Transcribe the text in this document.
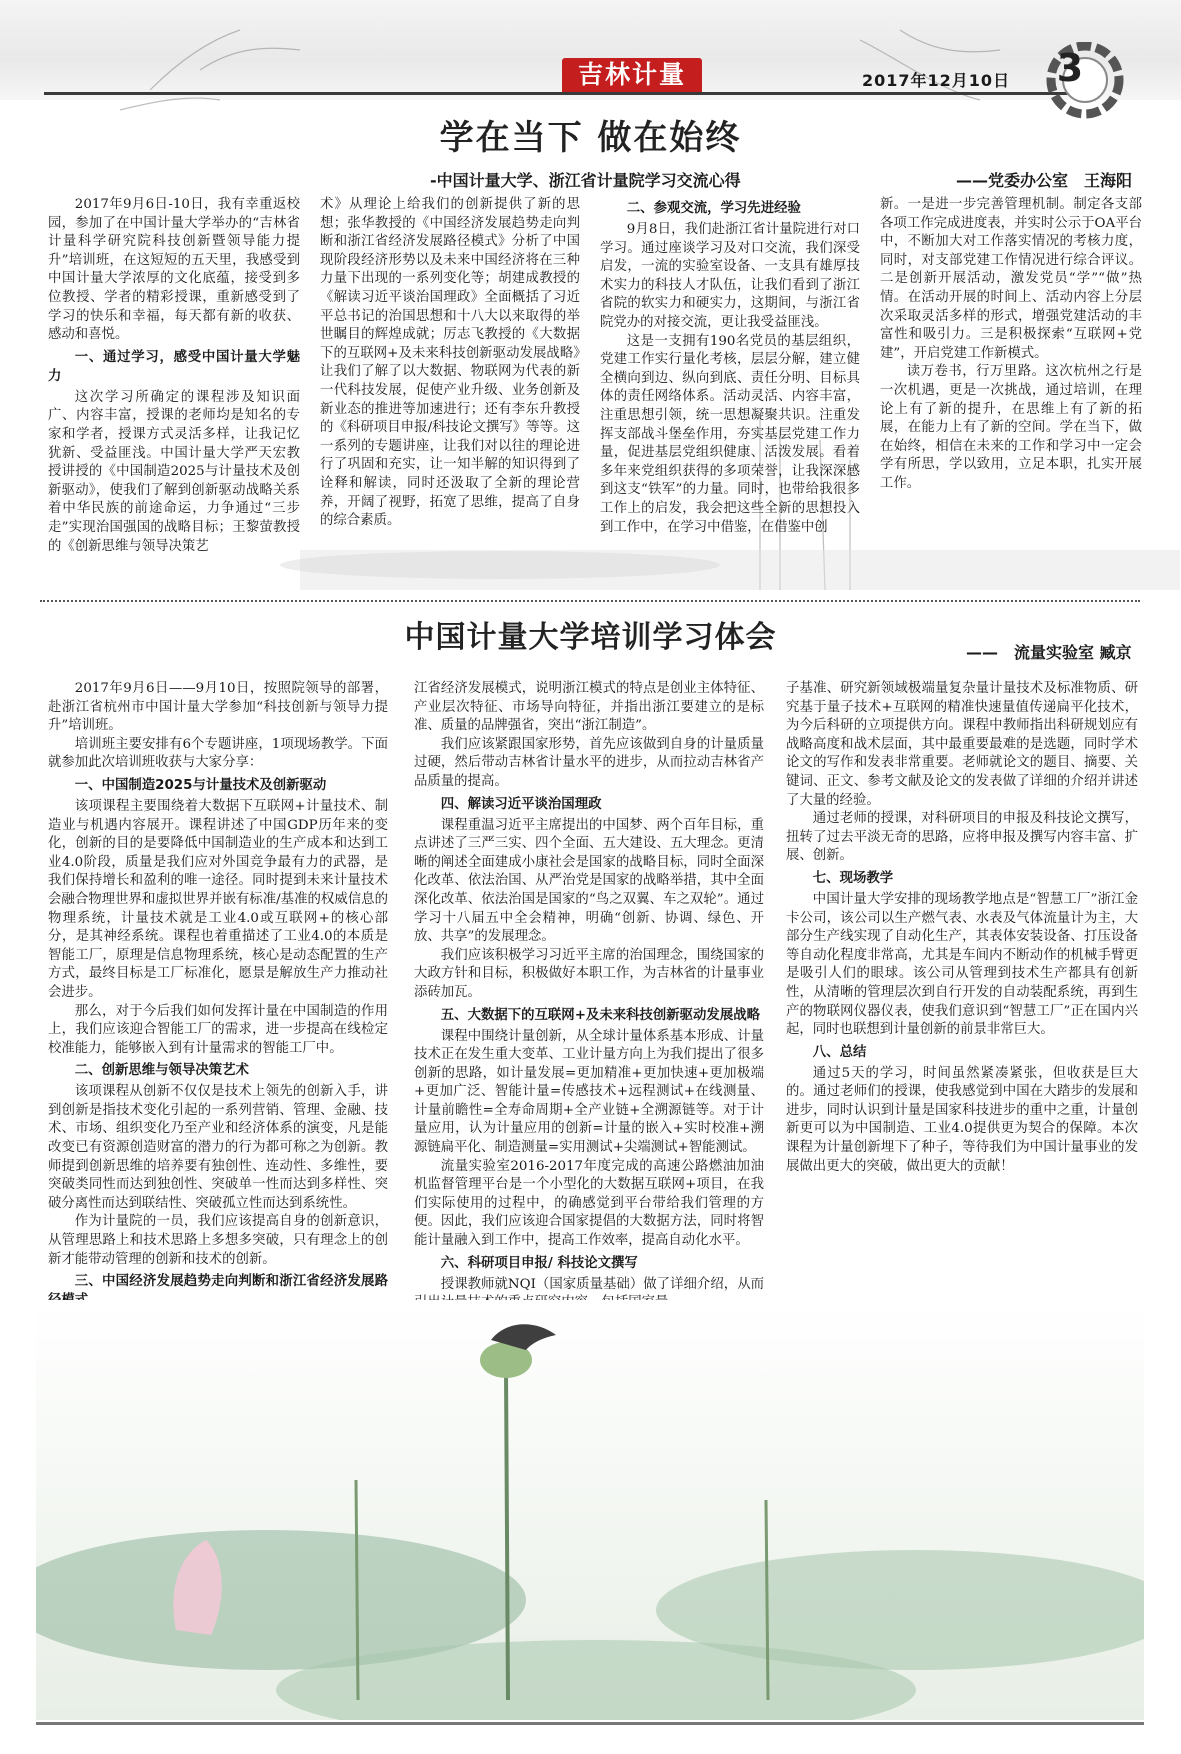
吉林计量	2017年12月10日 3
学在当下 做在始终
-中国计量大学、浙江省计量院学习交流心得	——党委办公室　王海阳

2017年9月6日-10日，我有幸重返校园，参加了在中国计量大学举办的“吉林省计量科学研究院科技创新暨领导能力提升”培训班，在这短短的五天里，我感受到中国计量大学浓厚的文化底蕴，接受到多位教授、学者的精彩授课，重新感受到了学习的快乐和幸福，每天都有新的收获、感动和喜悦。

一、通过学习，感受中国计量大学魅力

这次学习所确定的课程涉及知识面广、内容丰富，授课的老师均是知名的专家和学者，授课方式灵活多样，让我记忆犹新、受益匪浅。中国计量大学严天宏教授讲授的《中国制造2025与计量技术及创新驱动》，使我们了解到创新驱动战略关系着中华民族的前途命运，力争通过“三步走”实现治国强国的战略目标；王黎萤教授的《创新思维与领导决策艺

术》从理论上给我们的创新提供了新的思想；张华教授的《中国经济发展趋势走向判断和浙江省经济发展路径模式》分析了中国现阶段经济形势以及未来中国经济将在三种力量下出现的一系列变化等；胡建成教授的《解读习近平谈治国理政》全面概括了习近平总书记的治国思想和十八大以来取得的举世瞩目的辉煌成就；厉志飞教授的《大数据下的互联网+及未来科技创新驱动发展战略》让我们了解了以大数据、物联网为代表的新一代科技发展，促使产业升级、业务创新及新业态的推进等加速进行；还有李东升教授的《科研项目申报/科技论文撰写》等等。这一系列的专题讲座，让我们对以往的理论进行了巩固和充实，让一知半解的知识得到了诠释和解读，同时还汲取了全新的理论营养，开阔了视野，拓宽了思维，提高了自身的综合素质。

二、参观交流，学习先进经验

9月8日，我们赴浙江省计量院进行对口学习。通过座谈学习及对口交流，我们深受启发，一流的实验室设备、一支具有雄厚技术实力的科技人才队伍，让我们看到了浙江省院的软实力和硬实力，这期间，与浙江省院党办的对接交流，更让我受益匪浅。

这是一支拥有190名党员的基层组织，党建工作实行量化考核，层层分解，建立健全横向到边、纵向到底、责任分明、目标具体的责任网络体系。活动灵活、内容丰富，注重思想引领，统一思想凝聚共识。注重发挥支部战斗堡垒作用，夯实基层党建工作力量，促进基层党组织健康、活泼发展。看着多年来党组织获得的多项荣誉，让我深深感到这支“铁军”的力量。同时，也带给我很多工作上的启发，我会把这些全新的思想投入到工作中，在学习中借鉴，在借鉴中创

新。一是进一步完善管理机制。制定各支部各项工作完成进度表，并实时公示于OA平台中，不断加大对工作落实情况的考核力度，同时，对支部党建工作情况进行综合评议。二是创新开展活动，激发党员“学”“做”热情。在活动开展的时间上、活动内容上分层次采取灵活多样的形式，增强党建活动的丰富性和吸引力。三是积极探索“互联网+党建”，开启党建工作新模式。

读万卷书，行万里路。这次杭州之行是一次机遇，更是一次挑战，通过培训，在理论上有了新的提升，在思维上有了新的拓展，在能力上有了新的空间。学在当下，做在始终，相信在未来的工作和学习中一定会学有所思，学以致用，立足本职，扎实开展工作。

中国计量大学培训学习体会	——　流量实验室 臧京

2017年9月6日——9月10日，按照院领导的部署，赴浙江省杭州市中国计量大学参加“科技创新与领导力提升”培训班。

培训班主要安排有6个专题讲座，1项现场教学。下面就参加此次培训班收获与大家分享：

一、中国制造2025与计量技术及创新驱动

该项课程主要围绕着大数据下互联网+计量技术、制造业与机遇内容展开。课程讲述了中国GDP历年来的变化，创新的目的是要降低中国制造业的生产成本和达到工业4.0阶段，质量是我们应对外国竞争最有力的武器，是我们保持增长和盈利的唯一途径。同时提到未来计量技术会融合物理世界和虚拟世界并嵌有标准/基准的权威信息的物理系统，计量技术就是工业4.0或互联网+的核心部分，是其神经系统。课程也着重描述了工业4.0的本质是智能工厂，原理是信息物理系统，核心是动态配置的生产方式，最终目标是工厂标准化，愿景是解放生产力推动社会进步。

那么，对于今后我们如何发挥计量在中国制造的作用上，我们应该迎合智能工厂的需求，进一步提高在线检定校准能力，能够嵌入到有计量需求的智能工厂中。

二、创新思维与领导决策艺术

该项课程从创新不仅仅是技术上领先的创新入手，讲到创新是指技术变化引起的一系列营销、管理、金融、技术、市场、组织变化乃至产业和经济体系的演变，凡是能改变已有资源创造财富的潜力的行为都可称之为创新。教师提到创新思维的培养要有独创性、连动性、多维性，要突破类同性而达到独创性、突破单一性而达到多样性、突破分离性而达到联结性、突破孤立性而达到系统性。

作为计量院的一员，我们应该提高自身的创新意识，从管理思路上和技术思路上多想多突破，只有理念上的创新才能带动管理的创新和技术的创新。

三、中国经济发展趋势走向判断和浙江省经济发展路

江省经济发展模式，说明浙江模式的特点是创业主体特征、产业层次特征、市场导向特征，并指出浙江要建立的是标准、质量的品牌强省，突出“浙江制造”。

我们应该紧跟国家形势，首先应该做到自身的计量质量过硬，然后带动吉林省计量水平的进步，从而拉动吉林省产品质量的提高。

四、解读习近平谈治国理政

课程重温习近平主席提出的中国梦、两个百年目标，重点讲述了三严三实、四个全面、五大建设、五大理念。更清晰的阐述全面建成小康社会是国家的战略目标，同时全面深化改革、依法治国、从严治党是国家的战略举措，其中全面深化改革、依法治国是国家的“鸟之双翼、车之双轮”。通过学习十八届五中全会精神，明确“创新、协调、绿色、开放、共享”的发展理念。

我们应该积极学习习近平主席的治国理念，围绕国家的大政方针和目标，积极做好本职工作，为吉林省的计量事业添砖加瓦。

五、大数据下的互联网+及未来科技创新驱动发展战略

课程中围绕计量创新，从全球计量体系基本形成、计量技术正在发生重大变革、工业计量方向上为我们提出了很多创新的思路，如计量发展=更加精准+更加快速+更加极端+更加广泛、智能计量=传感技术+远程测试+在线测量、计量前瞻性=全寿命周期+全产业链+全溯源链等。对于计量应用，认为计量应用的创新=计量的嵌入+实时校准+溯源链扁平化、制造测量=实用测试+尖端测试+智能测试。

流量实验室2016-2017年度完成的高速公路燃油加油机监督管理平台是一个小型化的大数据互联网+项目，在我们实际使用的过程中，的确感觉到平台带给我们管理的方便。因此，我们应该迎合国家提倡的大数据方法，同时将智能计量融入到工作中，提高工作效率，提高自动化水平。

六、科研项目申报/ 科技论文撰写

授课教师就NQI（国家质量基础）做了详细介绍，从而

子基准、研究新领域极端量复杂量计量技术及标准物质、研究基于量子技术+互联网的精准快速量值传递扁平化技术，为今后科研的立项提供方向。课程中教师指出科研规划应有战略高度和战术层面，其中最重要最难的是选题，同时学术论文的写作和发表非常重要。老师就论文的题目、摘要、关键词、正文、参考文献及论文的发表做了详细的介绍并讲述了大量的经验。

通过老师的授课，对科研项目的申报及科技论文撰写，扭转了过去平淡无奇的思路，应将申报及撰写内容丰富、扩展、创新。

七、现场教学

中国计量大学安排的现场教学地点是“智慧工厂”浙江金卡公司，该公司以生产燃气表、水表及气体流量计为主，大部分生产线实现了自动化生产，其表体安装设备、打压设备等自动化程度非常高，尤其是车间内不断动作的机械手臂更是吸引人们的眼球。该公司从管理到技术生产都具有创新性，从清晰的管理层次到自行开发的自动装配系统，再到生产的物联网仪器仪表，使我们意识到“智慧工厂”正在国内兴起，同时也联想到计量创新的前景非常巨大。

八、总结

通过5天的学习，时间虽然紧凑紧张，但收获是巨大的。通过老师们的授课，使我感觉到中国在大踏步的发展和进步，同时认识到计量是国家科技进步的重中之重，计量创新更可以为中国制造、工业4.0提供更为契合的保障。本次课程为计量创新埋下了种子，等待我们为中国计量事业的发展做出更大的突破，做出更大的贡献！
